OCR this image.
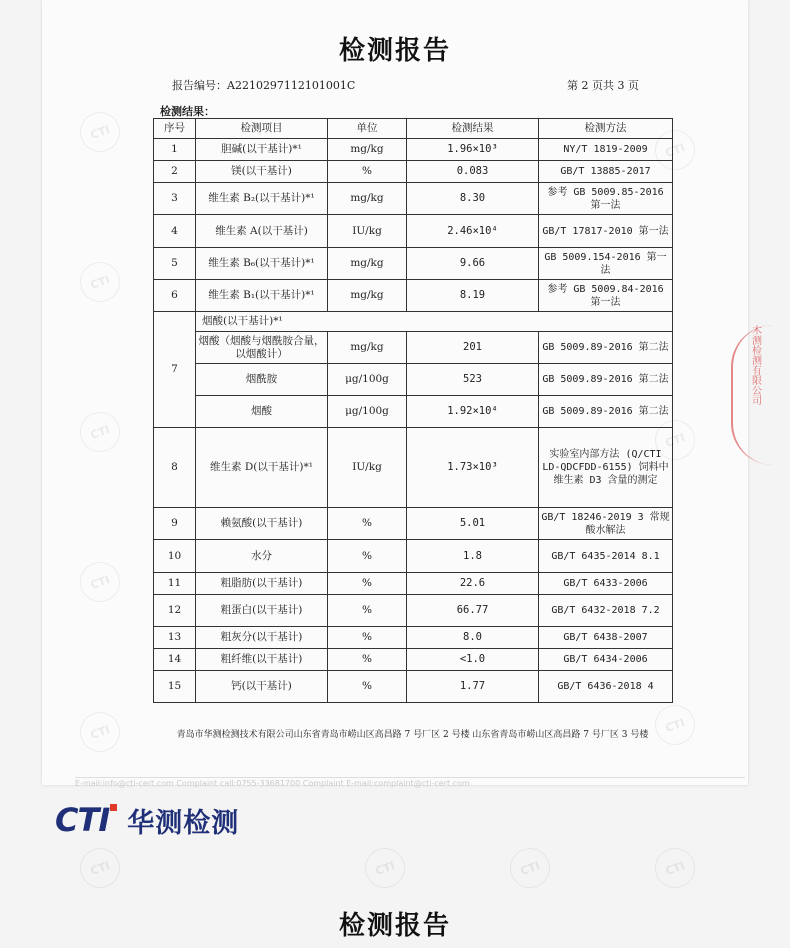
CTI
CTI
CTI
CTI
CTI
CTI	CTI	CTI	CTI
CTI
CTI
CTI
检测报告
报告编号：A2210297112101001C	第 2 页共 3 页
检测结果：
序号	检测项目	单位	检测结果	检测方法
1	胆碱(以干基计)*¹	mg/kg	1.96×10³	NY/T 1819-2009
2	镁(以干基计)	%	0.083	GB/T 13885-2017
3	维生素 B₂(以干基计)*¹	mg/kg	8.30	参考 GB 5009.85-2016 第一法
4	维生素 A(以干基计)	IU/kg	2.46×10⁴	GB/T 17817-2010 第一法
5	维生素 B₆(以干基计)*¹	mg/kg	9.66	GB 5009.154-2016 第一法
6	维生素 B₁(以干基计)*¹	mg/kg	8.19	参考 GB 5009.84-2016 第一法
7	烟酸(以干基计)*¹			
	烟酸（烟酸与烟酰胺合量，以烟酸计）	mg/kg	201	GB 5009.89-2016 第二法
	烟酰胺	μg/100g	523	GB 5009.89-2016 第二法
	烟酸	μg/100g	1.92×10⁴	GB 5009.89-2016 第二法
8	维生素 D(以干基计)*¹	IU/kg	1.73×10³	实验室内部方法 (Q/CTI LD-QDCFDD-6155) 饲料中维生素 D3 含量的测定
9	赖氨酸(以干基计)	%	5.01	GB/T 18246-2019 3 常规酸水解法
10	水分	%	1.8	GB/T 6435-2014 8.1
11	粗脂肪(以干基计)	%	22.6	GB/T 6433-2006
12	粗蛋白(以干基计)	%	66.77	GB/T 6432-2018 7.2
13	粗灰分(以干基计)	%	8.0	GB/T 6438-2007
14	粗纤维(以干基计)	%	<1.0	GB/T 6434-2006
15	钙(以干基计)	%	1.77	GB/T 6436-2018 4
青岛市华测检测技术有限公司山东省青岛市崂山区高昌路 7 号厂区 2 号楼 山东省青岛市崂山区高昌路 7 号厂区 3 号楼
木测检测有限公司
E-mail:info@cti-cert.com Complaint call:0755-33681700 Complaint E-mail:complaint@cti-cert.com
CTI 华测检测
检测报告
